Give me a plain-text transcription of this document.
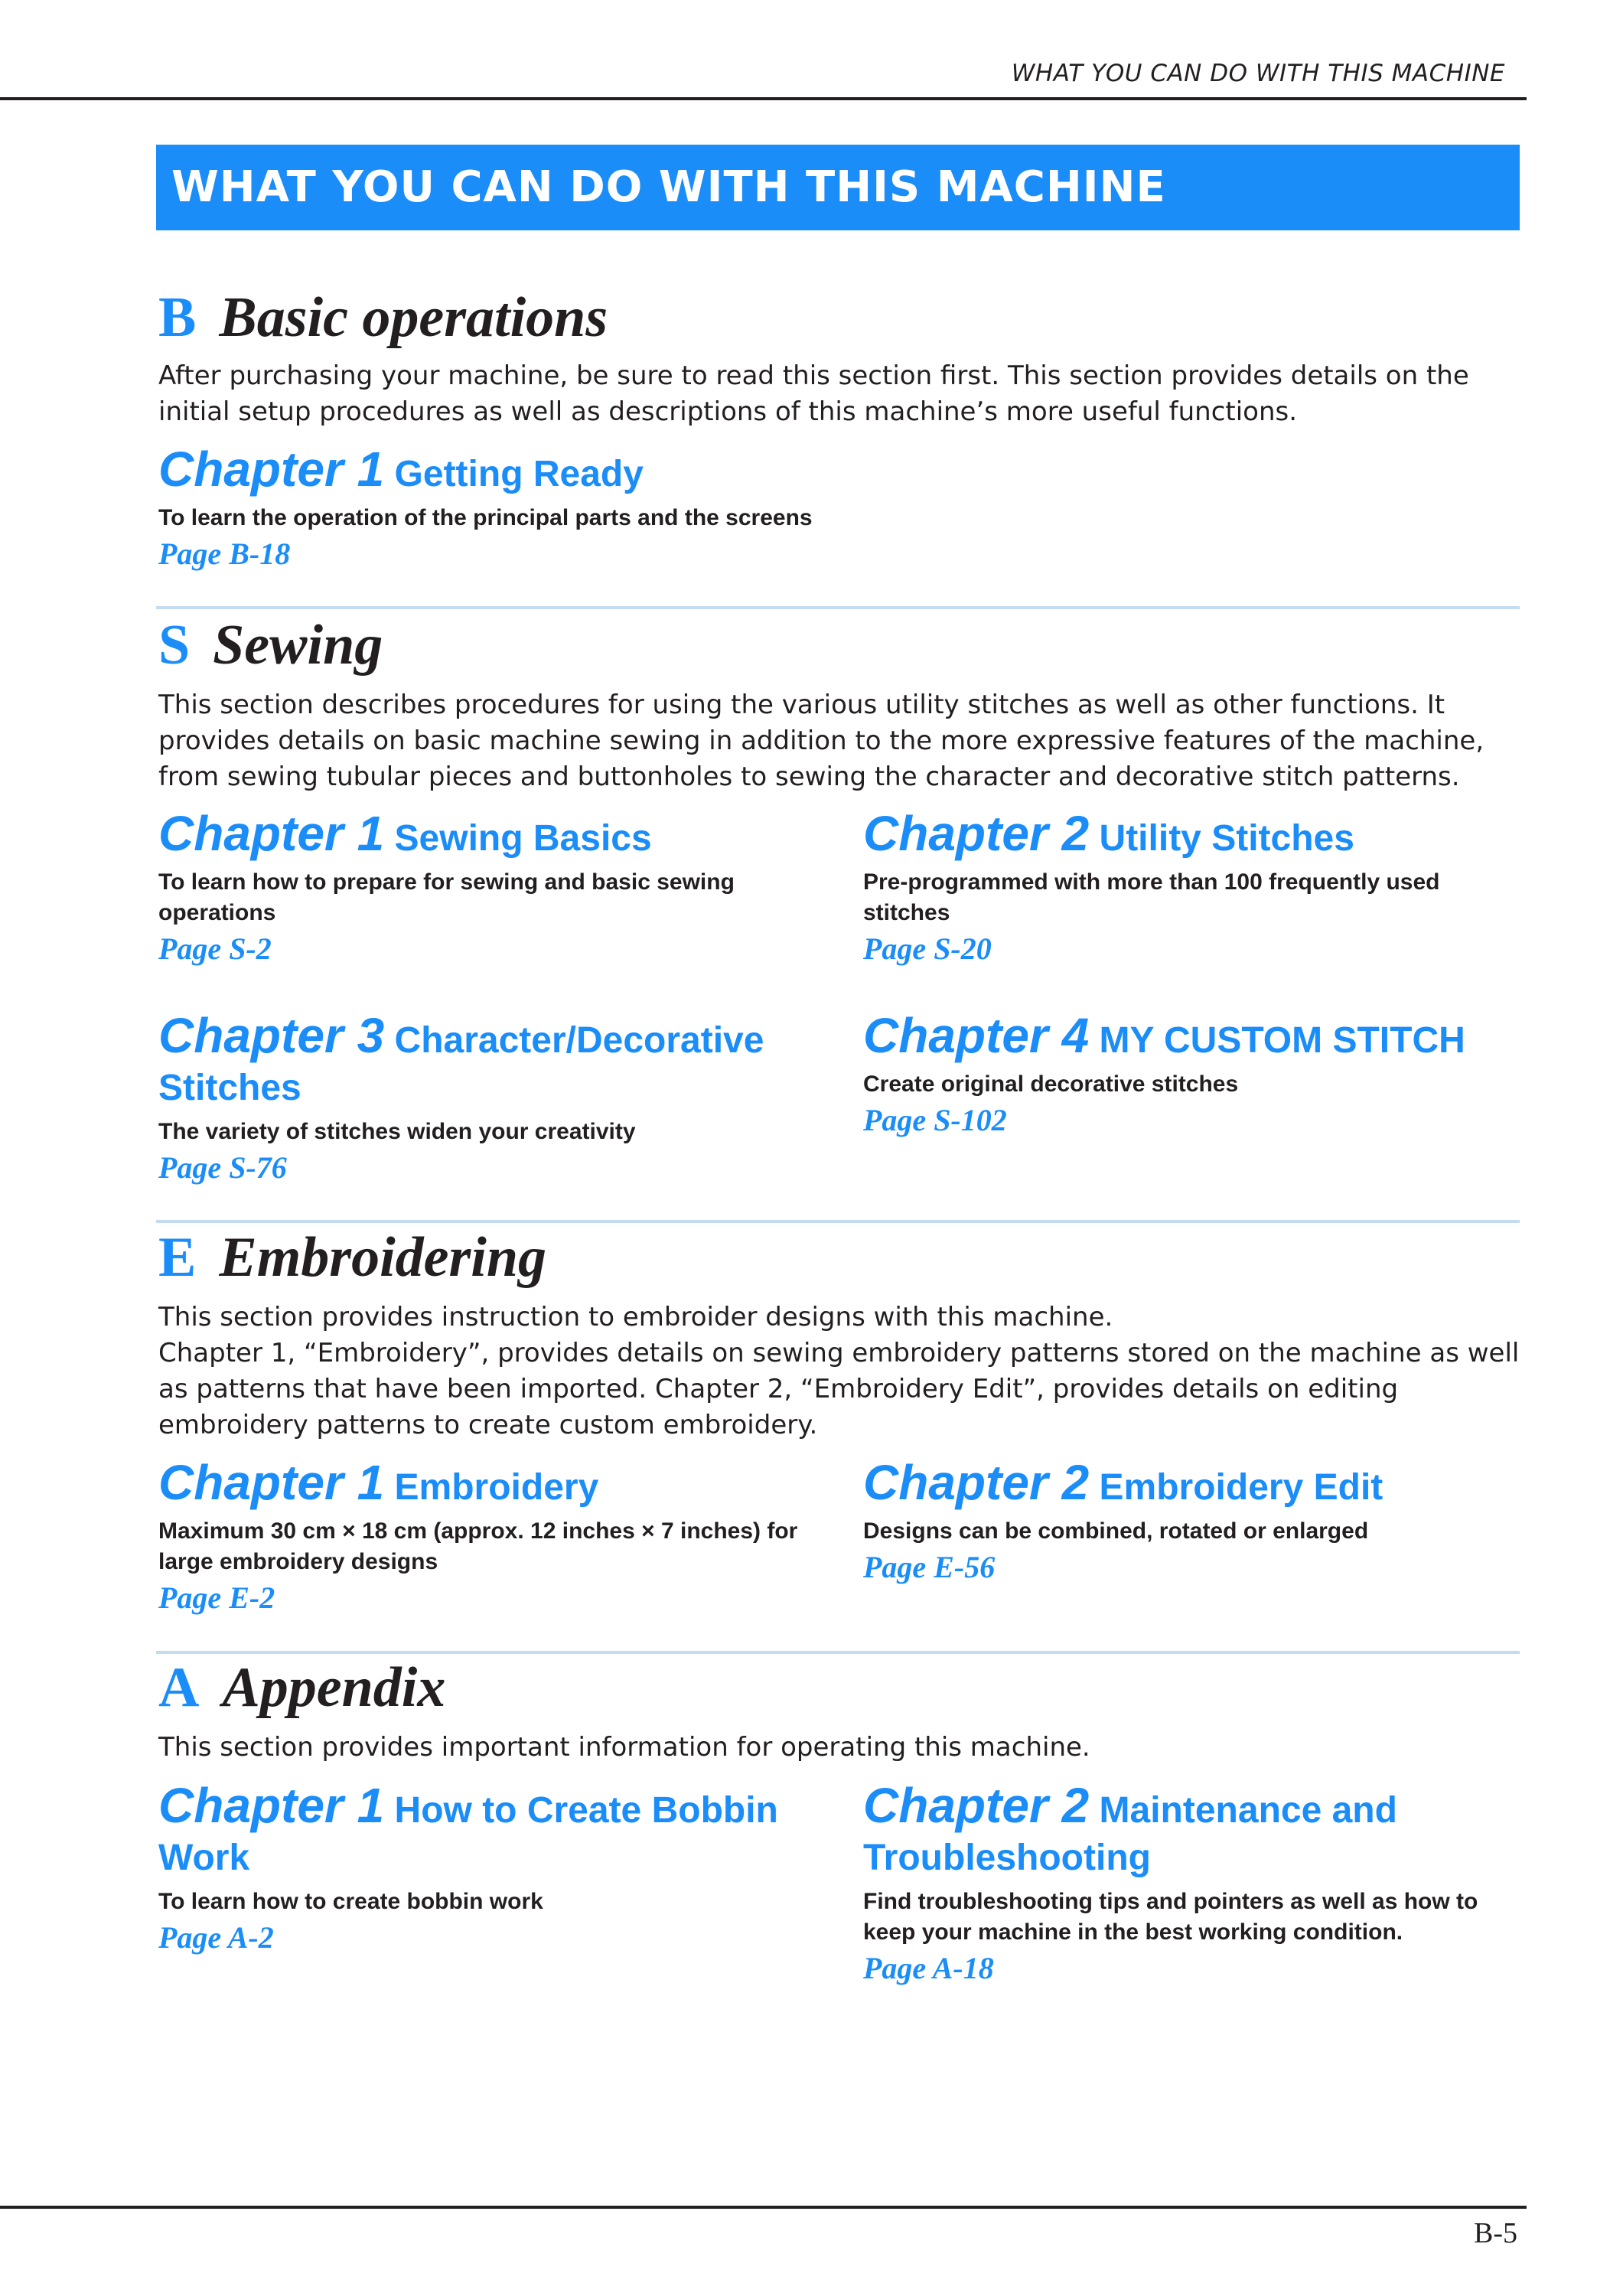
WHAT YOU CAN DO WITH THIS MACHINE
WHAT YOU CAN DO WITH THIS MACHINE
B Basic operations

After purchasing your machine, be sure to read this section first. This section provides details on the initial setup procedures as well as descriptions of this machine’s more useful functions.

Chapter 1 Getting Ready

To learn the operation of the principal parts and the screens

Page B-18

S Sewing

This section describes procedures for using the various utility stitches as well as other functions. It provides details on basic machine sewing in addition to the more expressive features of the machine, from sewing tubular pieces and buttonholes to sewing the character and decorative stitch patterns.

Chapter 1 Sewing Basics

To learn how to prepare for sewing and basic sewing operations

Page S-2

Chapter 2 Utility Stitches

Pre-programmed with more than 100 frequently used stitches

Page S-20

Chapter 3 Character/Decorative Stitches

The variety of stitches widen your creativity

Page S-76

Chapter 4 MY CUSTOM STITCH

Create original decorative stitches

Page S-102

E Embroidering

This section provides instruction to embroider designs with this machine.

Chapter 1, “Embroidery”, provides details on sewing embroidery patterns stored on the machine as well as patterns that have been imported. Chapter 2, “Embroidery Edit”, provides details on editing embroidery patterns to create custom embroidery.

Chapter 1 Embroidery

Maximum 30 cm × 18 cm (approx. 12 inches × 7 inches) for large embroidery designs

Page E-2

Chapter 2 Embroidery Edit

Designs can be combined, rotated or enlarged

Page E-56

A Appendix

This section provides important information for operating this machine.

Chapter 1 How to Create Bobbin Work

To learn how to create bobbin work

Page A-2

Chapter 2 Maintenance and Troubleshooting

Find troubleshooting tips and pointers as well as how to keep your machine in the best working condition.

Page A-18

B-5
